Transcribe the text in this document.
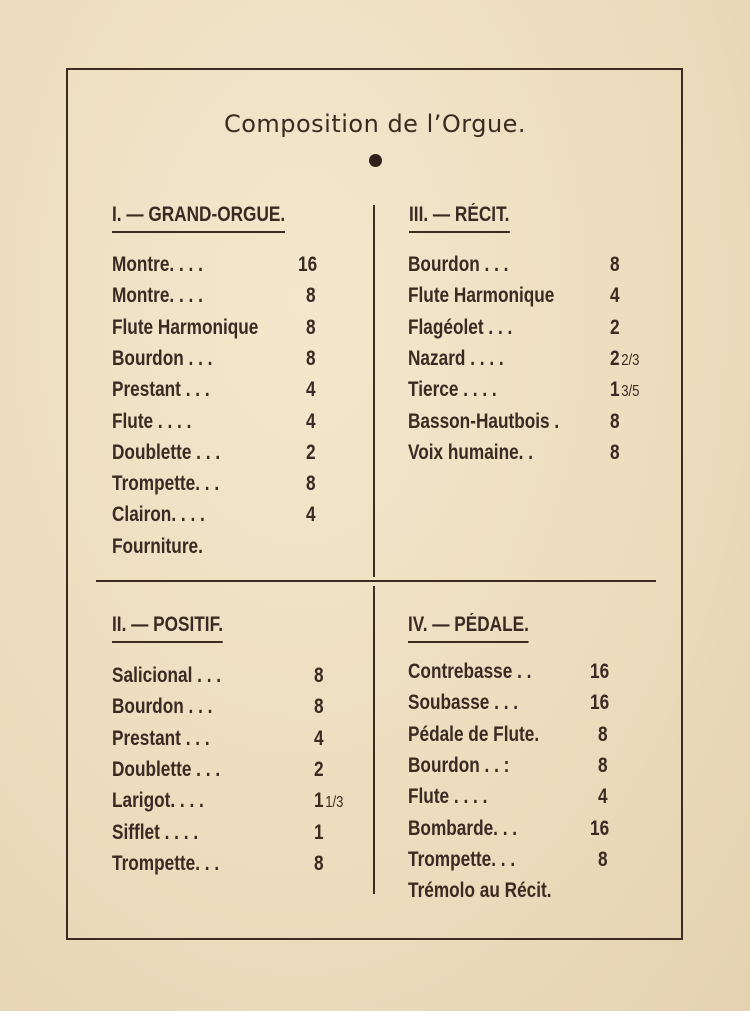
Composition de l’Orgue.
I. — GRAND-ORGUE.
Montre. . . .	16
Montre. . . .	8
Flute Harmonique 8
Bourdon . . .	8
Prestant . . .	4
Flute . . . .	4
Doublette . . .	2
Trompette. . .	8
Clairon. . . .	4
Fourniture.
III. — RÉCIT.
Bourdon . . .	8
Flute Harmonique	4
Flagéolet . . .	2
Nazard . . . .	2 2/3
Tierce . . . .	1 3/5
Basson-Hautbois . 8
Voix humaine. .	8
II. — POSITIF.
Salicional . . .	8
Bourdon . . .	8
Prestant . . .	4
Doublette . . .	2
Larigot. . . .	1 1/3
Sifflet . . . .	1
Trompette. . .	8
IV. — PÉDALE.
Contrebasse . .	16
Soubasse . . .	16
Pédale de Flute.	8
Bourdon . . :	8
Flute . . . .	4
Bombarde. . .	16
Trompette. . .	8
Trémolo au Récit.
